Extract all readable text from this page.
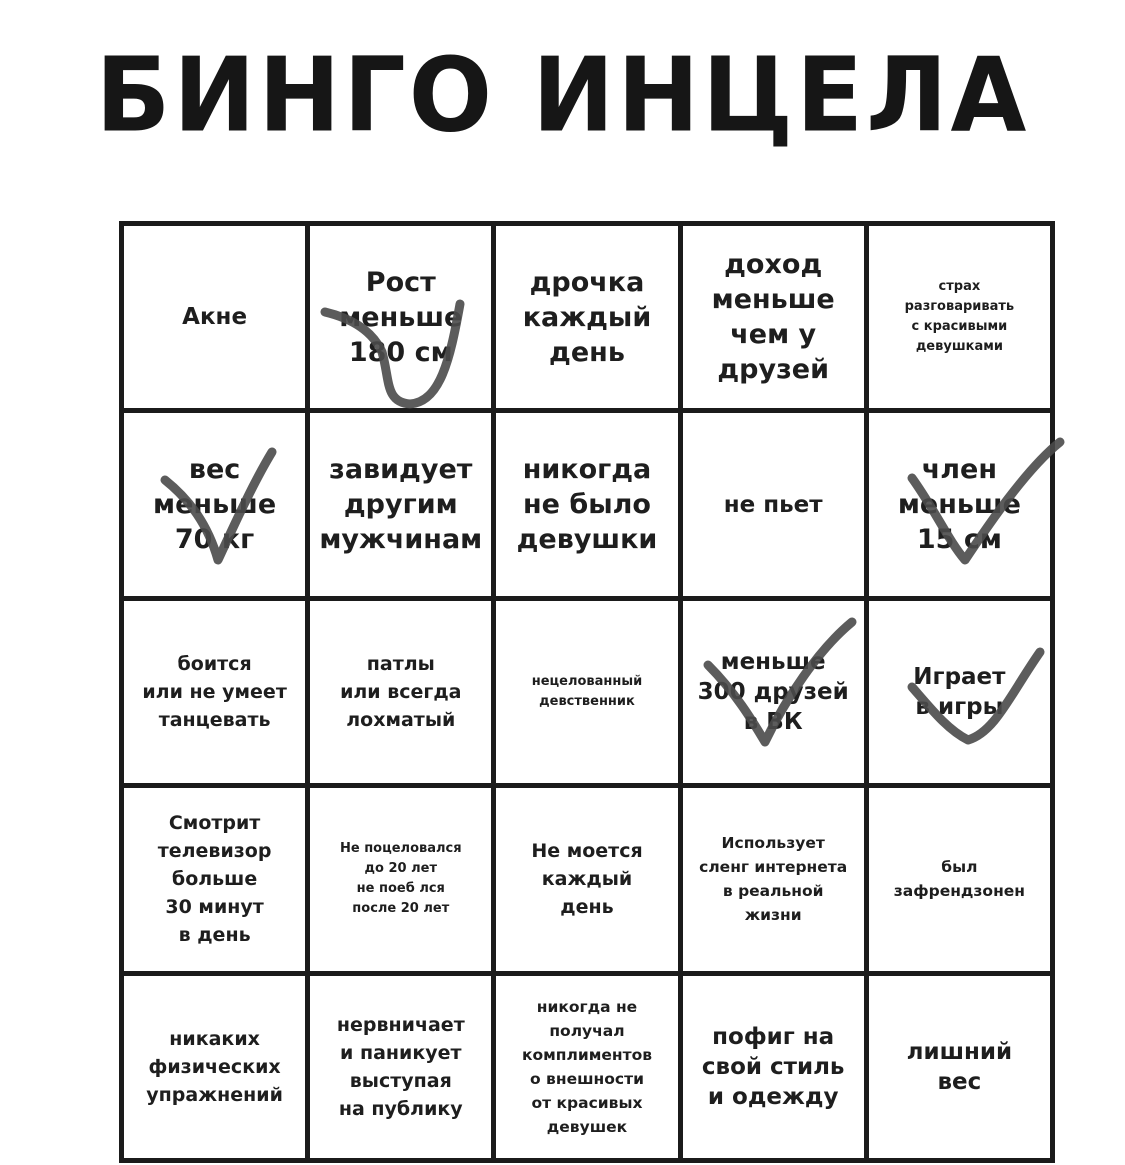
БИНГО ИНЦЕЛА
Акне
Рост
меньше
180 см
дрочка
каждый
день
доход
меньше
чем у
друзей
страх
разговаривать
с красивыми
девушками
вес
меньше
70 кг
завидует
другим
мужчинам
никогда
не было
девушки
не пьет
член
меньше
15 см
боится
или не умеет
танцевать
патлы
или всегда
лохматый
нецелованный
девственник
меньше
300 друзей
в ВК
Играет
в игры
Смотрит
телевизор
больше
30 минут
в день
Не поцеловался
до 20 лет
не поеб лся
после 20 лет
Не моется
каждый
день
Использует
сленг интернета
в реальной
жизни
был
зафрендзонен
никаких
физических
упражнений
нервничает
и паникует
выступая
на публику
никогда не
получал
комплиментов
о внешности
от красивых
девушек
пофиг на
свой стиль
и одежду
лишний
вес
